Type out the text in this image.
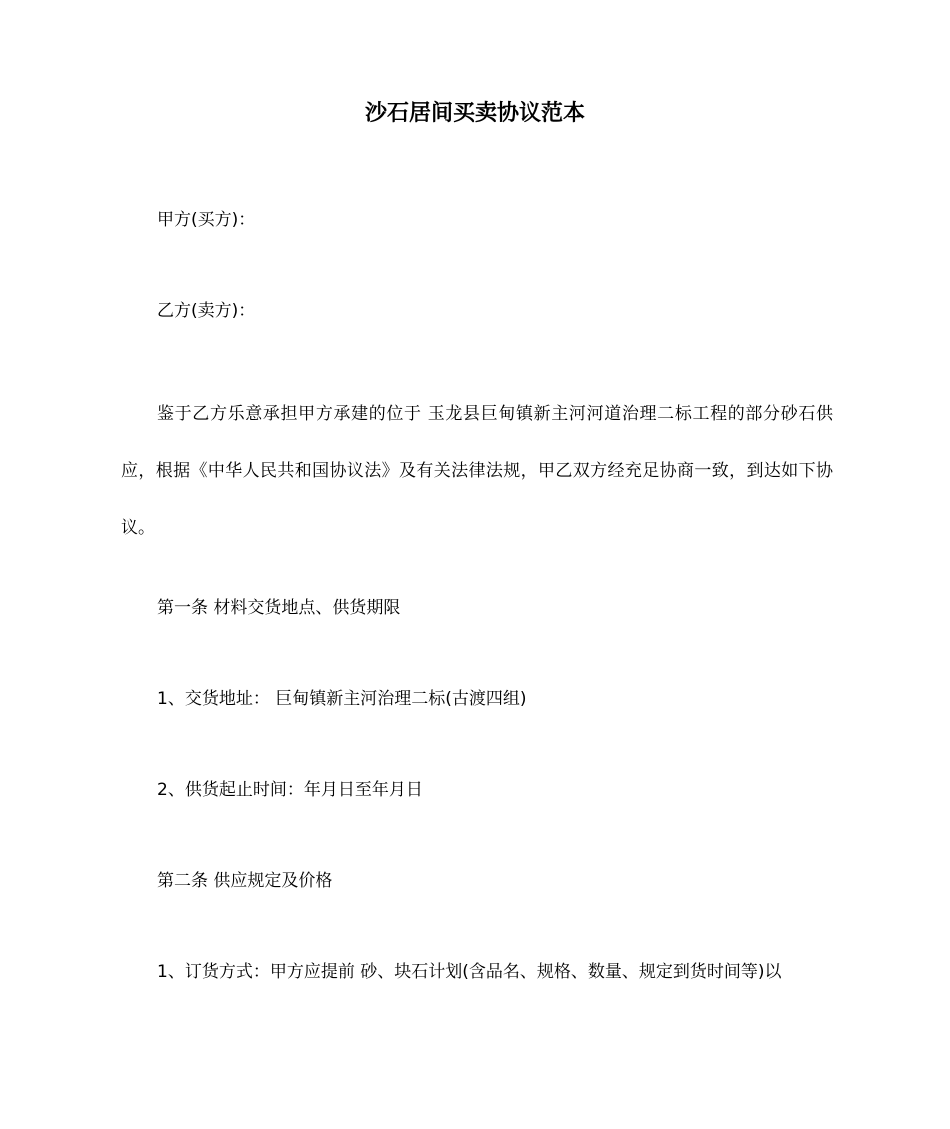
沙石居间买卖协议范本
甲方(买方)：
乙方(卖方)：
鉴于乙方乐意承担甲方承建的位于 玉龙县巨甸镇新主河河道治理二标工程的部分砂石供应，根据《中华人民共和国协议法》及有关法律法规，甲乙双方经充足协商一致，到达如下协议。
第一条 材料交货地点、供货期限
1、交货地址： 巨甸镇新主河治理二标(古渡四组)
2、供货起止时间：年月日至年月日
第二条 供应规定及价格
1、订货方式：甲方应提前 砂、块石计划(含品名、规格、数量、规定到货时间等)以
